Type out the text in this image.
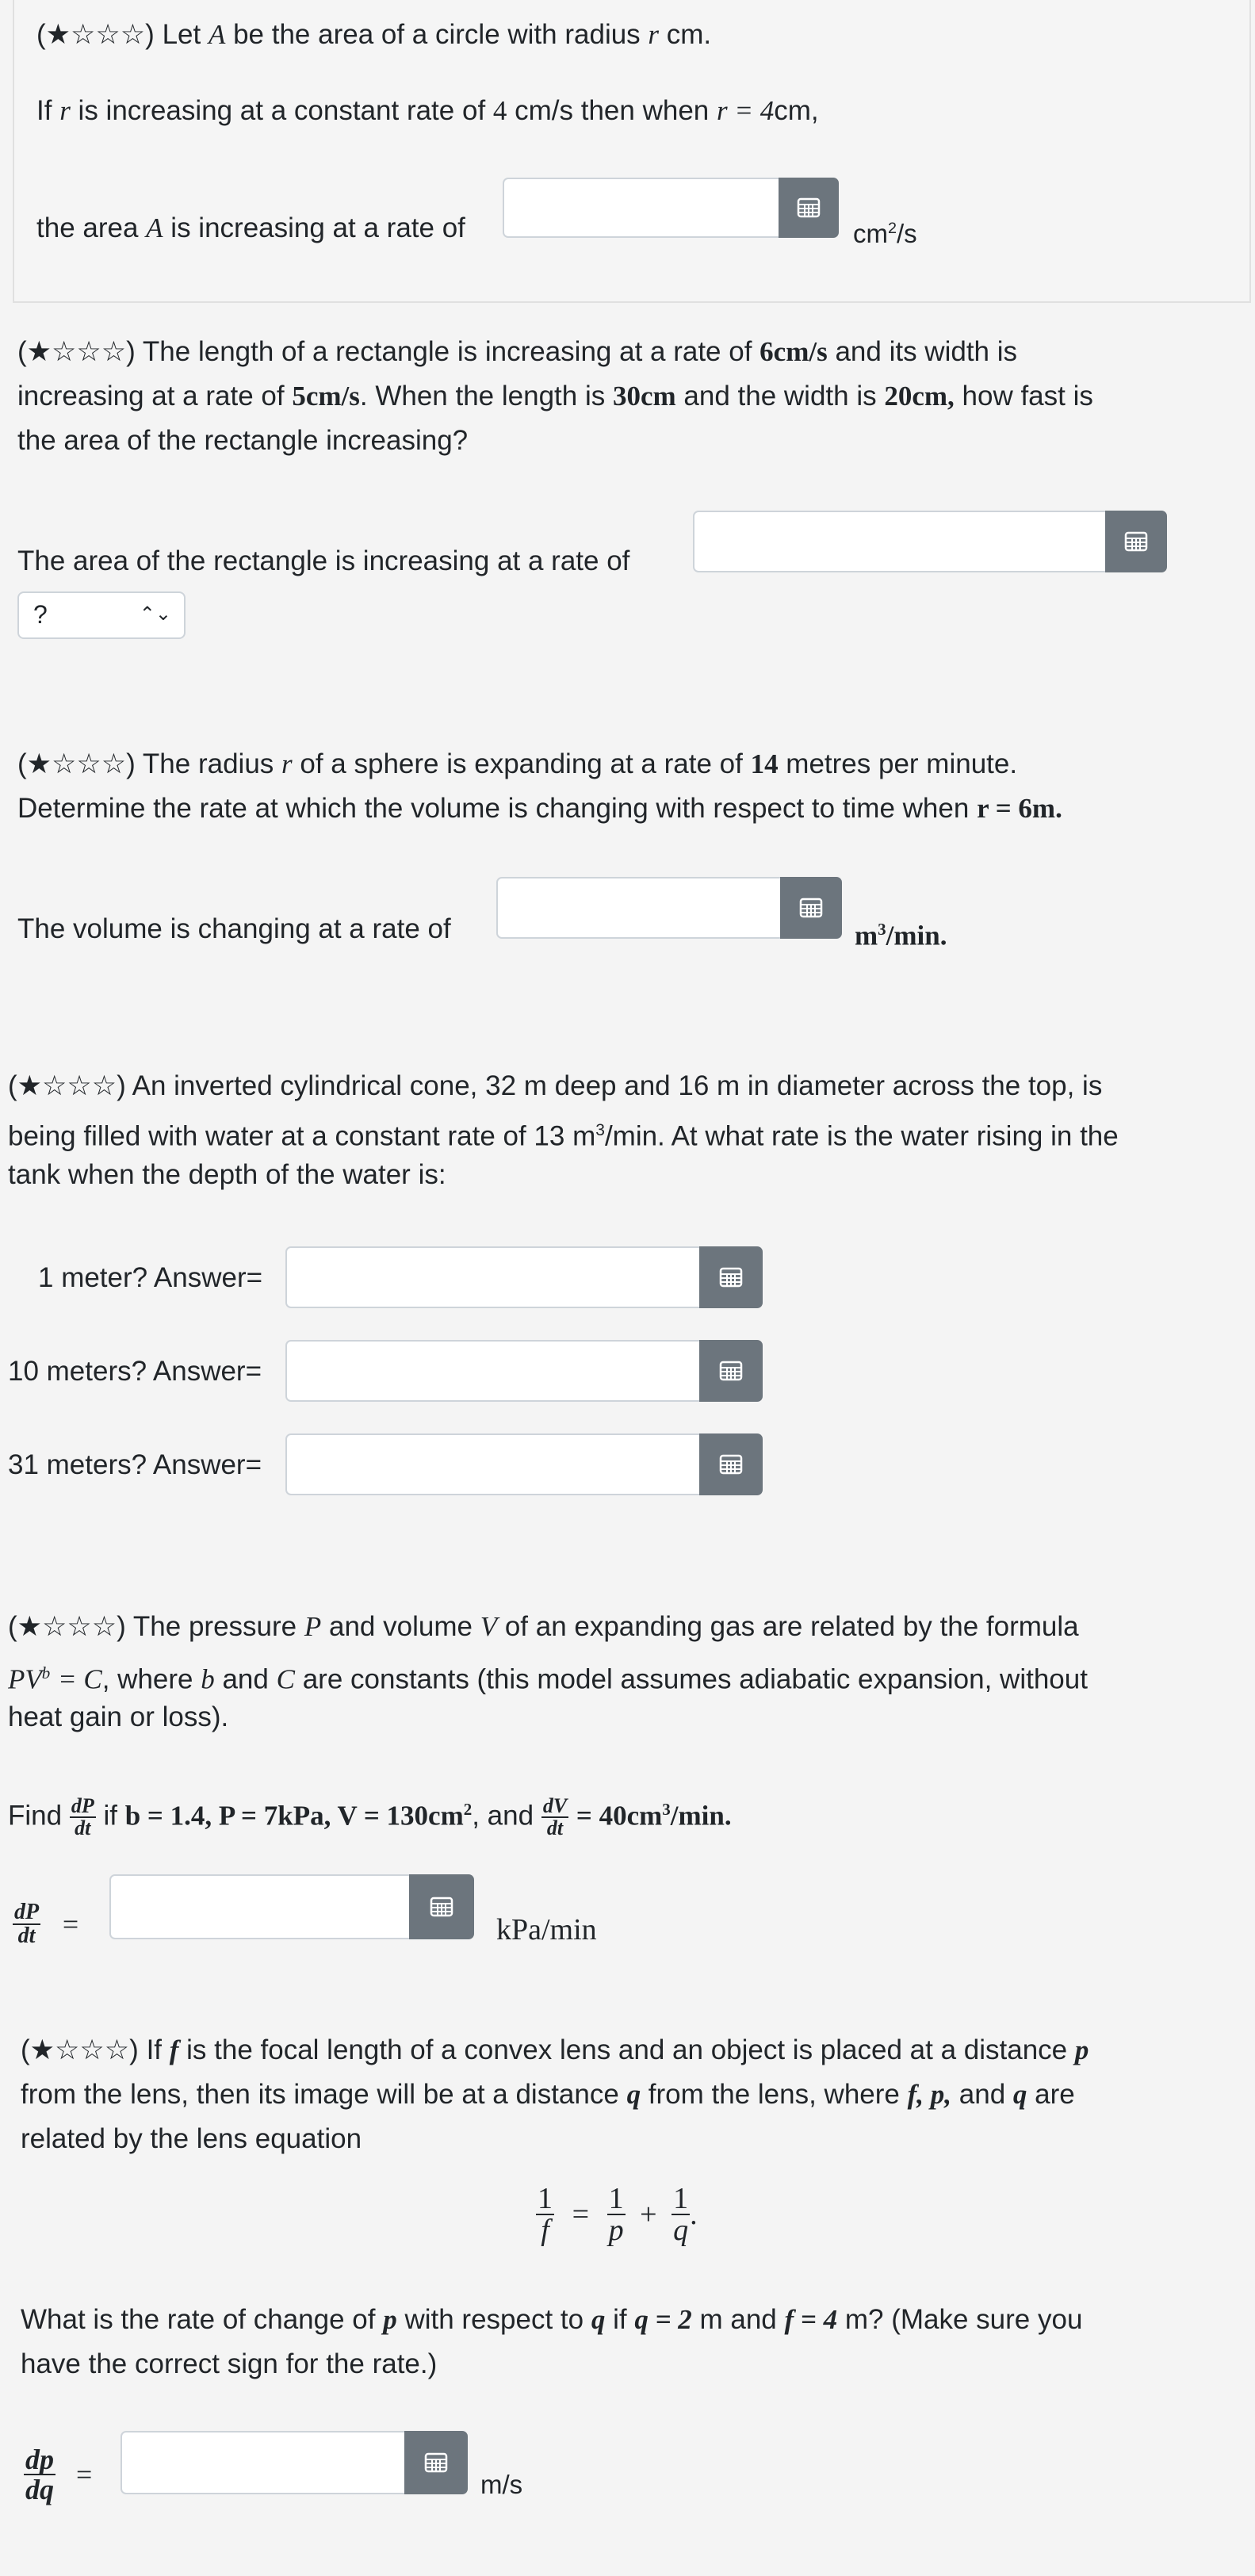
(★☆☆☆) Let A be the area of a circle with radius r cm.
If r is increasing at a constant rate of 4 cm/s then when r = 4cm,
the area A is increasing at a rate of	$cm^2/s$
(★☆☆☆) The length of a rectangle is increasing at a rate of 6cm/s and its width is
increasing at a rate of 5cm/s. When the length is 30cm and the width is 20cm, how fast is
the area of the rectangle increasing?
The area of the rectangle is increasing at a rate of
?	⌃⌄
(★☆☆☆) The radius r of a sphere is expanding at a rate of 14 metres per minute.
Determine the rate at which the volume is changing with respect to time when r = 6m.
The volume is changing at a rate of	$m^3/\min$.
(★☆☆☆) An inverted cylindrical cone, 32 m deep and 16 m in diameter across the top, is
being filled with water at a constant rate of 13 $m^3/\min$. At what rate is the water rising in the
tank when the depth of the water is:
1 meter? Answer=
10 meters? Answer=
31 meters? Answer=
(★☆☆☆) The pressure P and volume V of an expanding gas are related by the formula
$PV^b = C$, where b and C are constants (this model assumes adiabatic expansion, without
heat gain or loss).
Find $\frac{dP}{dt}$ if b = 1.4, P = 7kPa, $V = 130cm^2$, and $\frac{dV}{dt} = 40cm^3/\min$.
$\frac{dP}{dt}$ =	kPa/min
(★☆☆☆) If f is the focal length of a convex lens and an object is placed at a distance p
from the lens, then its image will be at a distance q from the lens, where f, p, and q are
related by the lens equation
$\frac{1}{f} = \frac{1}{p} + \frac{1}{q}$ .
What is the rate of change of p with respect to q if q = 2 m and f = 4 m? (Make sure you
have the correct sign for the rate.)
$\frac{dp}{dq}$ =	m/s
